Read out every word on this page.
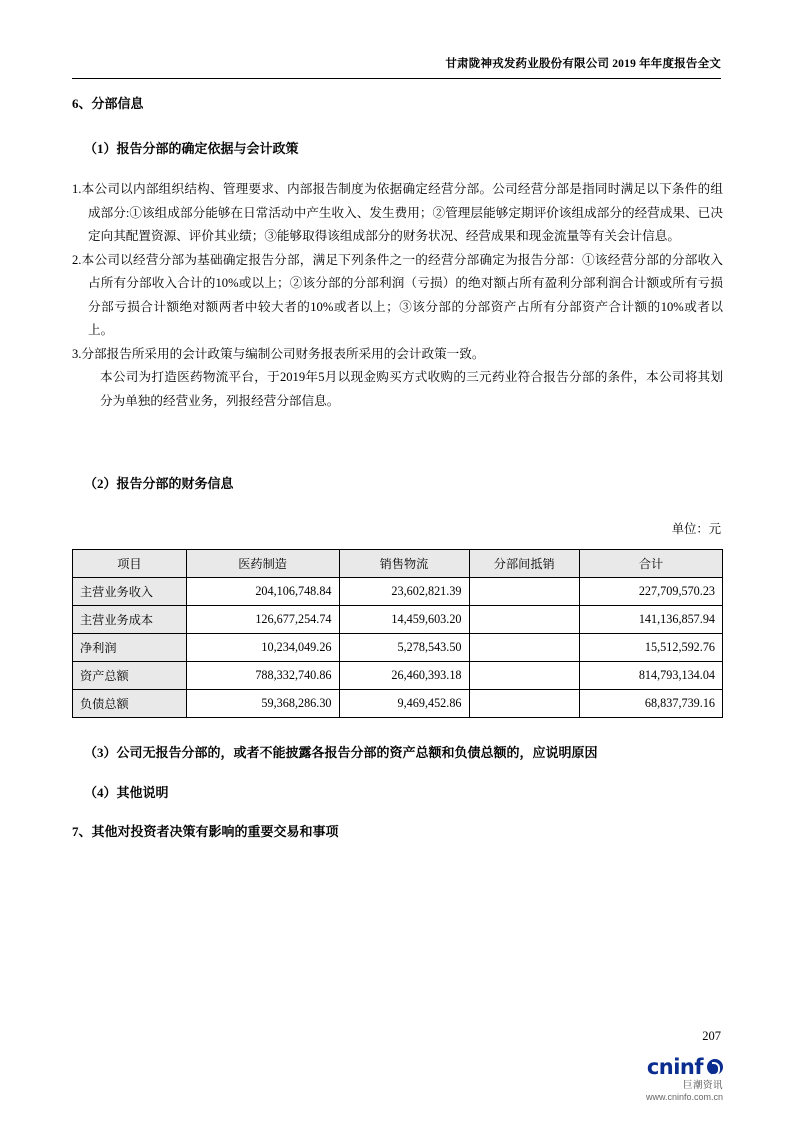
甘肃陇神戎发药业股份有限公司 2019 年年度报告全文
6、分部信息
（1）报告分部的确定依据与会计政策

1.本公司以内部组织结构、管理要求、内部报告制度为依据确定经营分部。公司经营分部是指同时满足以下条件的组成部分:①该组成部分能够在日常活动中产生收入、发生费用；②管理层能够定期评价该组成部分的经营成果、已决定向其配置资源、评价其业绩；③能够取得该组成部分的财务状况、经营成果和现金流量等有关会计信息。

2.本公司以经营分部为基础确定报告分部，满足下列条件之一的经营分部确定为报告分部：①该经营分部的分部收入占所有分部收入合计的10%或以上；②该分部的分部利润（亏损）的绝对额占所有盈利分部利润合计额或所有亏损分部亏损合计额绝对额两者中较大者的10%或者以上；③该分部的分部资产占所有分部资产合计额的10%或者以上。

3.分部报告所采用的会计政策与编制公司财务报表所采用的会计政策一致。

本公司为打造医药物流平台，于2019年5月以现金购买方式收购的三元药业符合报告分部的条件，本公司将其划分为单独的经营业务，列报经营分部信息。

（2）报告分部的财务信息
单位：元
项目	医药制造	销售物流	分部间抵销	合计
主营业务收入	204,106,748.84	23,602,821.39		227,709,570.23
主营业务成本	126,677,254.74	14,459,603.20		141,136,857.94
净利润	10,234,049.26	5,278,543.50		15,512,592.76
资产总额	788,332,740.86	26,460,393.18		814,793,134.04
负债总额	59,368,286.30	9,469,452.86		68,837,739.16
（3）公司无报告分部的，或者不能披露各报告分部的资产总额和负债总额的，应说明原因
（4）其他说明
7、其他对投资者决策有影响的重要交易和事项
207
cninf
巨潮资讯
www.cninfo.com.cn
